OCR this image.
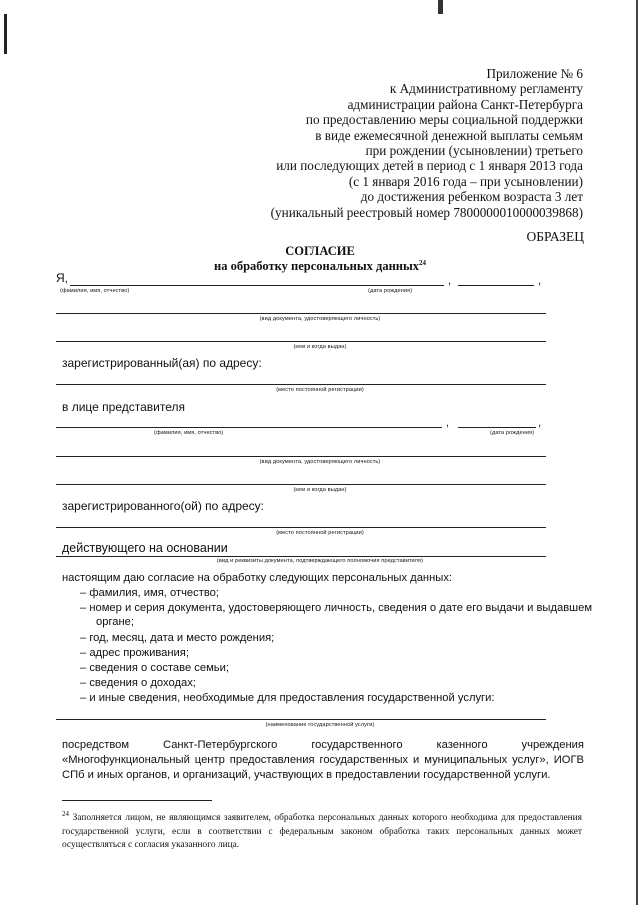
Приложение № 6
к Административному регламенту
администрации района Санкт-Петербурга
по предоставлению меры социальной поддержки
в виде ежемесячной денежной выплаты семьям
при рождении (усыновлении) третьего
или последующих детей в период с 1 января 2013 года
(с 1 января 2016 года – при усыновлении)
до достижения ребенком возраста 3 лет
(уникальный реестровый номер 7800000010000039868)
ОБРАЗЕЦ
СОГЛАСИЕ
на обработку персональных данных$^{24}$
Я,	,	,
(фамилия, имя, отчество)	(дата рождения)
(вид документа, удостоверяющего личность)
(кем и когда выдан)
зарегистрированный(ая) по адресу:
(место постоянной регистрации)
в лице представителя
,	,
(фамилия, имя, отчество)	(дата рождения)
(вид документа, удостоверяющего личность)
(кем и когда выдан)
зарегистрированного(ой) по адресу:
(место постоянной регистрации)
действующего на основании
(вид и реквизиты документа, подтверждающего полномочия представителя)
настоящим даю согласие на обработку следующих персональных данных:
– фамилия, имя, отчество;
– номер и серия документа, удостоверяющего личность, сведения о дате его выдачи и выдавшем
органе;
– год, месяц, дата и место рождения;
– адрес проживания;
– сведения о составе семьи;
– сведения о доходах;
– и иные сведения, необходимые для предоставления государственной услуги:
(наименование государственной услуги)
посредством Санкт-Петербургского государственного казенного учреждения «Многофункциональный центр предоставления государственных и муниципальных услуг», ИОГВ СПб и иных органов, и организаций, участвующих в предоставлении государственной услуги.
$^{24}$ Заполняется лицом, не являющимся заявителем, обработка персональных данных которого необходима для предоставления государственной услуги, если в соответствии с федеральным законом обработка таких персональных данных может осуществляться с согласия указанного лица.
